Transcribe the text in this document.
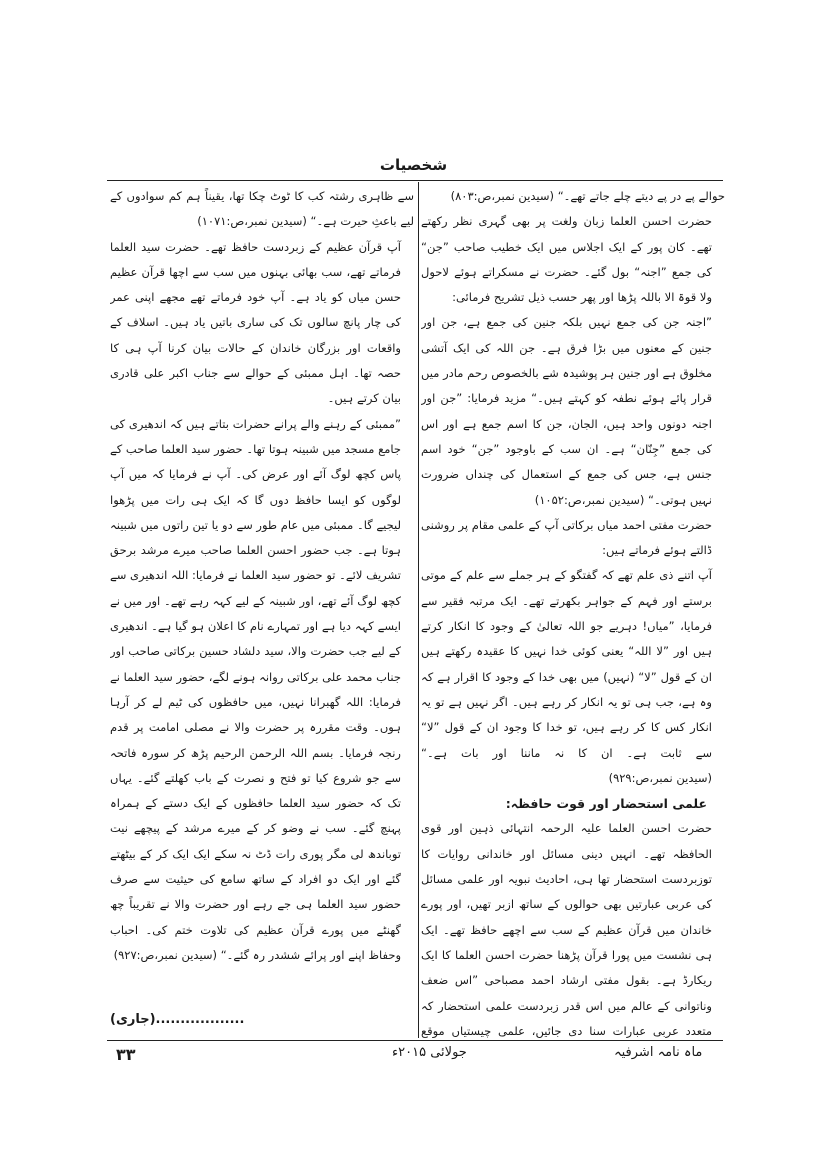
شخصیات

حوالے پے در پے دیتے چلے جاتے تھے۔“ (سیدین نمبر،ص:۸۰۳)

حضرت احسن العلما زبان ولغت پر بھی گہری نظر رکھتے تھے۔ کان پور کے ایک اجلاس میں ایک خطیب صاحب ”جن“ کی جمع ”اجنہ“ بول گئے۔ حضرت نے مسکراتے ہوئے لاحول ولا قوۃ الا باللہ پڑھا اور پھر حسب ذیل تشریح فرمائی:

”اجنہ جن کی جمع نہیں بلکہ جنین کی جمع ہے، جن اور جنین کے معنوں میں بڑا فرق ہے۔ جن اللہ کی ایک آتشی مخلوق ہے اور جنین ہر پوشیدہ شے بالخصوص رحم مادر میں قرار پائے ہوئے نطفہ کو کہتے ہیں۔“ مزید فرمایا: ”جن اور اجنہ دونوں واحد ہیں، الجان، جن کا اسم جمع ہے اور اس کی جمع ”جِنّان“ ہے۔ ان سب کے باوجود ”جن“ خود اسم جنس ہے، جس کی جمع کے استعمال کی چنداں ضرورت نہیں ہوتی۔“ (سیدین نمبر،ص:۱۰۵۲)

حضرت مفتی احمد میاں برکاتی آپ کے علمی مقام پر روشنی ڈالتے ہوئے فرماتے ہیں:

آپ اتنے ذی علم تھے کہ گفتگو کے ہر جملے سے علم کے موتی برستے اور فہم کے جواہر بکھرتے تھے۔ ایک مرتبہ فقیر سے فرمایا، ”میاں! دہریے جو اللہ تعالیٰ کے وجود کا انکار کرتے ہیں اور ”لا اللہ“ یعنی کوئی خدا نہیں کا عقیدہ رکھتے ہیں ان کے قول ”لا“ (نہیں) میں بھی خدا کے وجود کا اقرار ہے کہ وہ ہے، جب ہی تو یہ انکار کر رہے ہیں۔ اگر نہیں ہے تو یہ انکار کس کا کر رہے ہیں، تو خدا کا وجود ان کے قول ”لا“ سے ثابت ہے۔ ان کا نہ ماننا اور بات ہے۔“ (سیدین نمبر،ص:۹۲۹)

علمی استحضار اور قوت حافظہ:

حضرت احسن العلما علیہ الرحمہ انتہائی ذہین اور قوی الحافظہ تھے۔ انہیں دینی مسائل اور خاندانی روایات کا توزبردست استحضار تھا ہی، احادیث نبویہ اور علمی مسائل کی عربی عبارتیں بھی حوالوں کے ساتھ ازبر تھیں، اور پورے خاندان میں قرآن عظیم کے سب سے اچھے حافظ تھے۔ ایک ہی نشست میں پورا قرآن پڑھنا حضرت احسن العلما کا ایک ریکارڈ ہے۔ بقول مفتی ارشاد احمد مصباحی ”اس ضعف وناتوانی کے عالم میں اس قدر زبردست علمی استحضار کہ متعدد عربی عبارات سنا دی جائیں، علمی چیستیاں موقع

سے ظاہری رشتہ کب کا ٹوٹ چکا تھا، یقیناً ہم کم سوادوں کے لیے باعثِ حیرت ہے۔“ (سیدین نمبر،ص:۱۰۷۱)

آپ قرآن عظیم کے زبردست حافظ تھے۔ حضرت سید العلما فرماتے تھے، سب بھائی بہنوں میں سب سے اچھا قرآن عظیم حسن میاں کو یاد ہے۔ آپ خود فرماتے تھے مجھے اپنی عمر کی چار پانچ سالوں تک کی ساری باتیں یاد ہیں۔ اسلاف کے واقعات اور بزرگان خاندان کے حالات بیان کرنا آپ ہی کا حصہ تھا۔ اہل ممبئی کے حوالے سے جناب اکبر علی قادری بیان کرتے ہیں۔

”ممبئی کے رہنے والے پرانے حضرات بتاتے ہیں کہ اندھیری کی جامع مسجد میں شبینہ ہوتا تھا۔ حضور سید العلما صاحب کے پاس کچھ لوگ آئے اور عرض کی۔ آپ نے فرمایا کہ میں آپ لوگوں کو ایسا حافظ دوں گا کہ ایک ہی رات میں پڑھوا لیجیے گا۔ ممبئی میں عام طور سے دو یا تین راتوں میں شبینہ ہوتا ہے۔ جب حضور احسن العلما صاحب میرے مرشد برحق تشریف لائے۔ تو حضور سید العلما نے فرمایا: اللہ اندھیری سے کچھ لوگ آئے تھے، اور شبینہ کے لیے کہہ رہے تھے۔ اور میں نے ایسے کہہ دیا ہے اور تمہارے نام کا اعلان ہو گیا ہے۔ اندھیری کے لیے جب حضرت والا، سید دلشاد حسین برکاتی صاحب اور جناب محمد علی برکاتی روانہ ہونے لگے، حضور سید العلما نے فرمایا: اللہ گھبرانا نہیں، میں حافظوں کی ٹیم لے کر آرہا ہوں۔ وقت مقررہ پر حضرت والا نے مصلی امامت پر قدم رنجہ فرمایا۔ بسم اللہ الرحمن الرحیم پڑھ کر سورہ فاتحہ سے جو شروع کیا تو فتح و نصرت کے باب کھلتے گئے۔ یہاں تک کہ حضور سید العلما حافظوں کے ایک دستے کے ہمراہ پہنچ گئے۔ سب نے وضو کر کے میرے مرشد کے پیچھے نیت توباندھ لی مگر پوری رات ڈٹ نہ سکے ایک ایک کر کے بیٹھتے گئے اور ایک دو افراد کے ساتھ سامع کی حیثیت سے صرف حضور سید العلما ہی جے رہے اور حضرت والا نے تقریباً چھ گھنٹے میں پورے قرآن عظیم کی تلاوت ختم کی۔ احباب وحفاظ اپنے اور پرائے ششدر رہ گئے۔“ (سیدین نمبر،ص:۹۲۷)

..................(جاری)
ماہ نامہ اشرفیہ
جولائی ۲۰۱۵ء
۳۳
